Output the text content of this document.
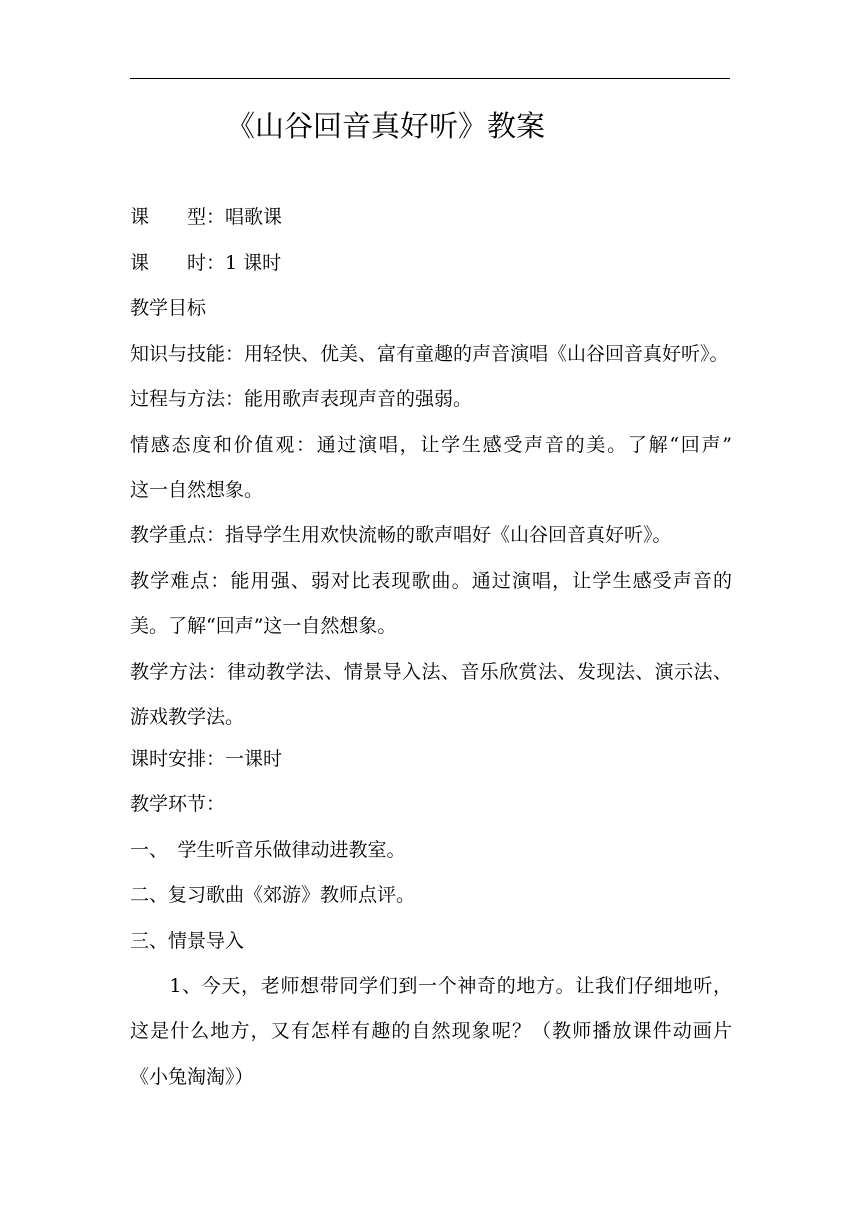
《山谷回音真好听》教案
课　　型：唱歌课
课　　时：1 课时
教学目标
知识与技能：用轻快、优美、富有童趣的声音演唱《山谷回音真好听》。
过程与方法：能用歌声表现声音的强弱。
情感态度和价值观：通过演唱，让学生感受声音的美。了解“回声”
这一自然想象。
教学重点：指导学生用欢快流畅的歌声唱好《山谷回音真好听》。
教学难点：能用强、弱对比表现歌曲。通过演唱，让学生感受声音的
美。了解“回声”这一自然想象。
教学方法：律动教学法、情景导入法、音乐欣赏法、发现法、演示法、
游戏教学法。
课时安排：一课时
教学环节：
一、　学生听音乐做律动进教室。
二、复习歌曲《郊游》教师点评。
三、情景导入
　　1、今天，老师想带同学们到一个神奇的地方。让我们仔细地听，
这是什么地方，又有怎样有趣的自然现象呢？（教师播放课件动画片
《小兔淘淘》）
